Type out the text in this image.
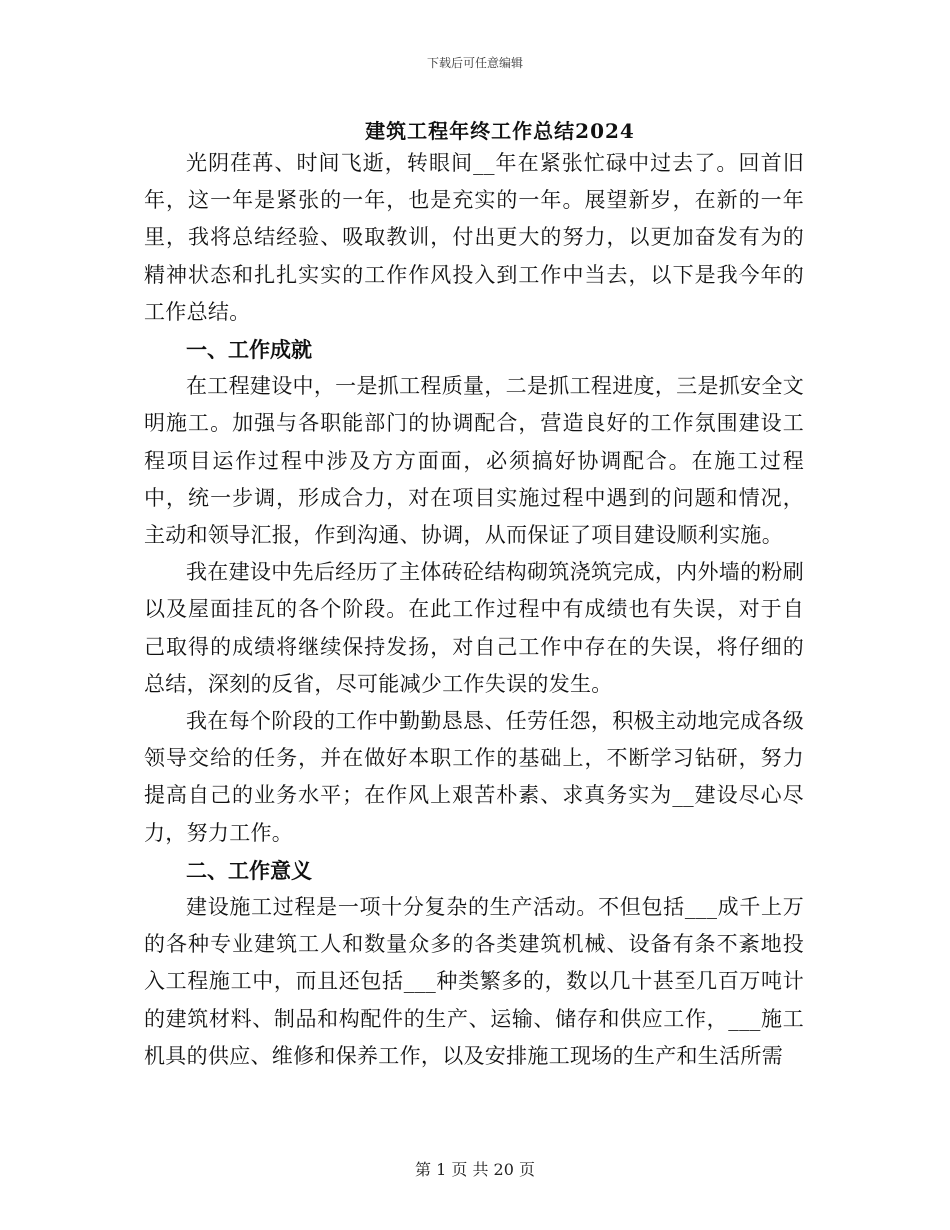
下载后可任意编辑
建筑工程年终工作总结2024

光阴荏苒、时间飞逝，转眼间__年在紧张忙碌中过去了。回首旧年，这一年是紧张的一年，也是充实的一年。展望新岁，在新的一年里，我将总结经验、吸取教训，付出更大的努力，以更加奋发有为的精神状态和扎扎实实的工作作风投入到工作中当去，以下是我今年的工作总结。

一、工作成就

在工程建设中，一是抓工程质量，二是抓工程进度，三是抓安全文明施工。加强与各职能部门的协调配合，营造良好的工作氛围建设工程项目运作过程中涉及方方面面，必须搞好协调配合。在施工过程中，统一步调，形成合力，对在项目实施过程中遇到的问题和情况，主动和领导汇报，作到沟通、协调，从而保证了项目建设顺利实施。

我在建设中先后经历了主体砖砼结构砌筑浇筑完成，内外墙的粉刷以及屋面挂瓦的各个阶段。在此工作过程中有成绩也有失误，对于自己取得的成绩将继续保持发扬，对自己工作中存在的失误，将仔细的总结，深刻的反省，尽可能减少工作失误的发生。

我在每个阶段的工作中勤勤恳恳、任劳任怨，积极主动地完成各级领导交给的任务，并在做好本职工作的基础上，不断学习钻研，努力提高自己的业务水平；在作风上艰苦朴素、求真务实为__建设尽心尽力，努力工作。

二、工作意义

建设施工过程是一项十分复杂的生产活动。不但包括___成千上万的各种专业建筑工人和数量众多的各类建筑机械、设备有条不紊地投入工程施工中，而且还包括___种类繁多的，数以几十甚至几百万吨计的建筑材料、制品和构配件的生产、运输、储存和供应工作，___施工机具的供应、维修和保养工作，以及安排施工现场的生产和生活所需

第 1 页 共 20 页
